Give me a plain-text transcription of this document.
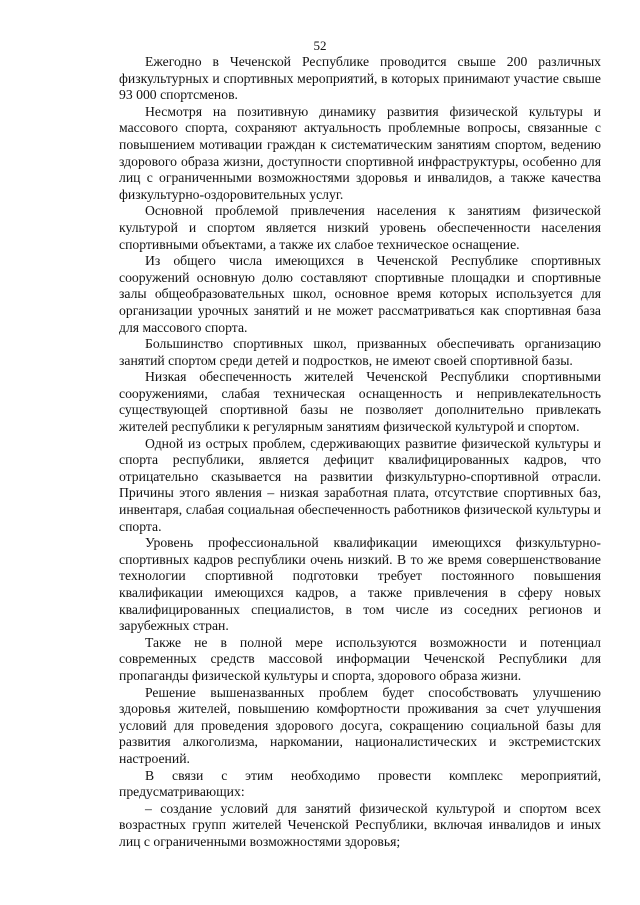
52

Ежегодно в Чеченской Республике проводится свыше 200 различных физкультурных и спортивных мероприятий, в которых принимают участие свыше 93 000 спортсменов.

Несмотря на позитивную динамику развития физической культуры и массового спорта, сохраняют актуальность проблемные вопросы, связанные с повышением мотивации граждан к систематическим занятиям спортом, ведению здорового образа жизни, доступности спортивной инфраструктуры, особенно для лиц с ограниченными возможностями здоровья и инвалидов, а также качества физкультурно-оздоровительных услуг.

Основной проблемой привлечения населения к занятиям физической культурой и спортом является низкий уровень обеспеченности населения спортивными объектами, а также их слабое техническое оснащение.

Из общего числа имеющихся в Чеченской Республике спортивных сооружений основную долю составляют спортивные площадки и спортивные залы общеобразовательных школ, основное время которых используется для организации урочных занятий и не может рассматриваться как спортивная база для массового спорта.

Большинство спортивных школ, призванных обеспечивать организацию занятий спортом среди детей и подростков, не имеют своей спортивной базы.

Низкая обеспеченность жителей Чеченской Республики спортивными сооружениями, слабая техническая оснащенность и непривлекательность существующей спортивной базы не позволяет дополнительно привлекать жителей республики к регулярным занятиям физической культурой и спортом.

Одной из острых проблем, сдерживающих развитие физической культуры и спорта республики, является дефицит квалифицированных кадров, что отрицательно сказывается на развитии физкультурно-спортивной отрасли. Причины этого явления – низкая заработная плата, отсутствие спортивных баз, инвентаря, слабая социальная обеспеченность работников физической культуры и спорта.

Уровень профессиональной квалификации имеющихся физкультурно-спортивных кадров республики очень низкий. В то же время совершенствование технологии спортивной подготовки требует постоянного повышения квалификации имеющихся кадров, а также привлечения в сферу новых квалифицированных специалистов, в том числе из соседних регионов и зарубежных стран.

Также не в полной мере используются возможности и потенциал современных средств массовой информации Чеченской Республики для пропаганды физической культуры и спорта, здорового образа жизни.

Решение вышеназванных проблем будет способствовать улучшению здоровья жителей, повышению комфортности проживания за счет улучшения условий для проведения здорового досуга, сокращению социальной базы для развития алкоголизма, наркомании, националистических и экстремистских настроений.

В связи с этим необходимо провести комплекс мероприятий, предусматривающих:

– создание условий для занятий физической культурой и спортом всех возрастных групп жителей Чеченской Республики, включая инвалидов и иных лиц с ограниченными возможностями здоровья;
